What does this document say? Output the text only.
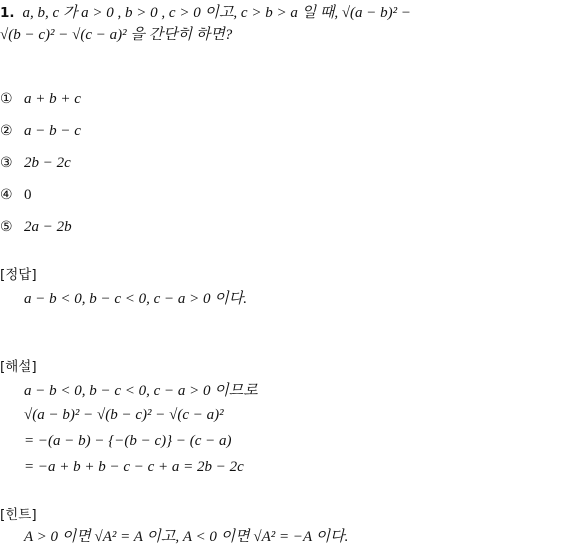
1. a, b, c 가 a > 0 , b > 0 , c > 0 이고, c > b > a 일 때, √(a − b)² −
√(b − c)² − √(c − a)² 을 간단히 하면?
① a + b + c
② a − b − c
③ 2b − 2c
④ 0
⑤ 2a − 2b
[정답]
a − b < 0, b − c < 0, c − a > 0 이다.
[해설]
a − b < 0, b − c < 0, c − a > 0 이므로
√(a − b)² − √(b − c)² − √(c − a)²
= −(a − b) − {−(b − c)} − (c − a)
= −a + b + b − c − c + a = 2b − 2c
[힌트]
A > 0 이면 √A² = A 이고, A < 0 이면 √A² = −A 이다.
